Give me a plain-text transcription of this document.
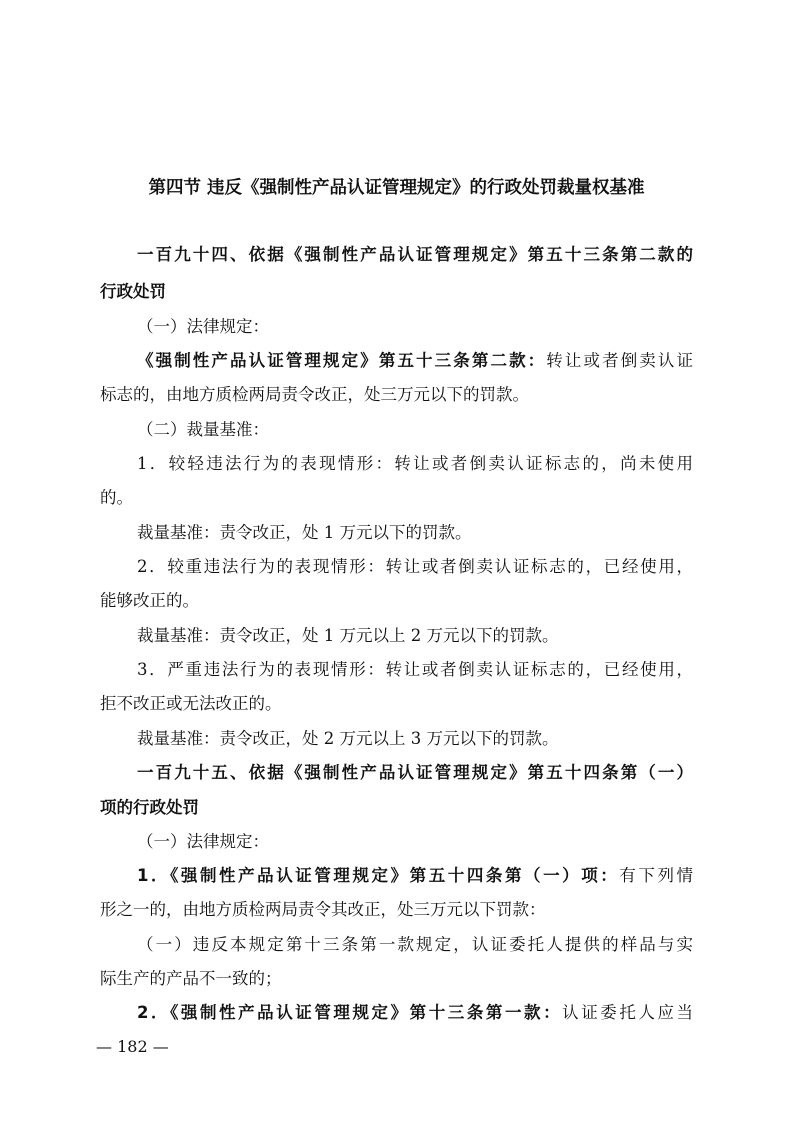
第四节 违反《强制性产品认证管理规定》的行政处罚裁量权基准
一百九十四、依据《强制性产品认证管理规定》第五十三条第二款的
行政处罚
（一）法律规定：
《强制性产品认证管理规定》第五十三条第二款：转让或者倒卖认证
标志的，由地方质检两局责令改正，处三万元以下的罚款。
（二）裁量基准：
1．较轻违法行为的表现情形：转让或者倒卖认证标志的，尚未使用
的。
裁量基准：责令改正，处 1 万元以下的罚款。
2．较重违法行为的表现情形：转让或者倒卖认证标志的，已经使用，
能够改正的。
裁量基准：责令改正，处 1 万元以上 2 万元以下的罚款。
3．严重违法行为的表现情形：转让或者倒卖认证标志的，已经使用，
拒不改正或无法改正的。
裁量基准：责令改正，处 2 万元以上 3 万元以下的罚款。
一百九十五、依据《强制性产品认证管理规定》第五十四条第（一）
项的行政处罚
（一）法律规定：
1．《强制性产品认证管理规定》第五十四条第（一）项：有下列情
形之一的，由地方质检两局责令其改正，处三万元以下罚款：
（一）违反本规定第十三条第一款规定，认证委托人提供的样品与实
际生产的产品不一致的；
2．《强制性产品认证管理规定》第十三条第一款：认证委托人应当
— 182 —
